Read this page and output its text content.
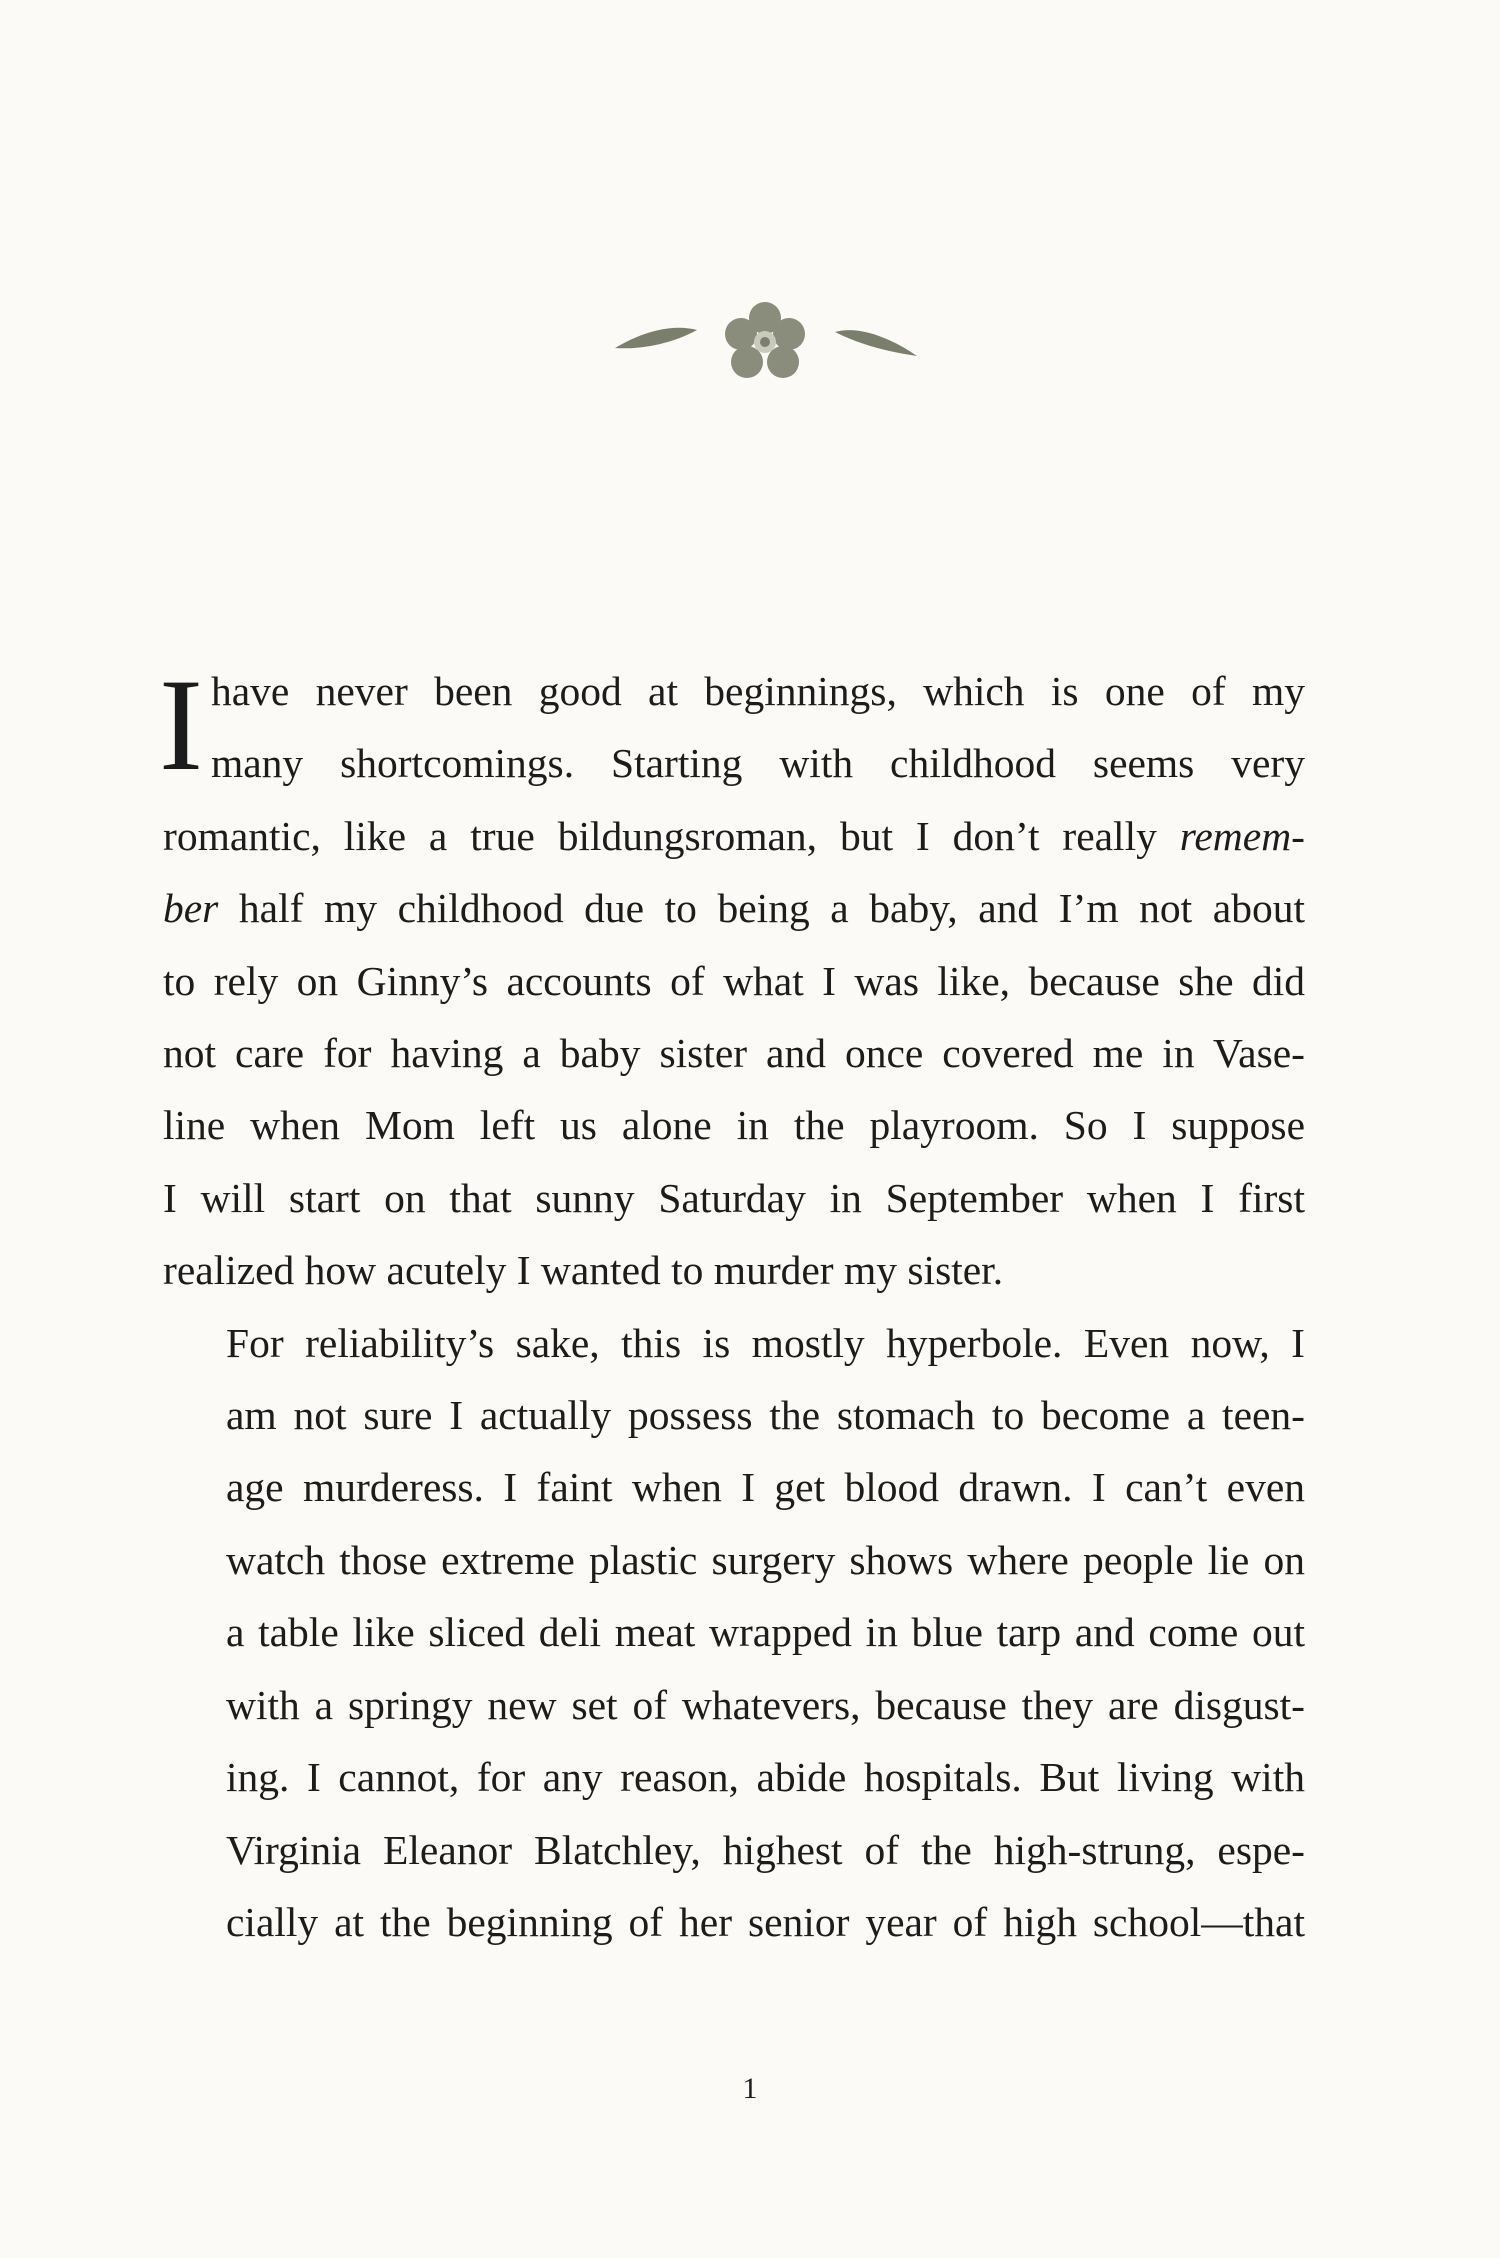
I have never been good at beginnings, which is one of my
many shortcomings. Starting with childhood seems very
romantic, like a true bildungsroman, but I don’t really remem-
ber half my childhood due to being a baby, and I’m not about
to rely on Ginny’s accounts of what I was like, because she did
not care for having a baby sister and once covered me in Vase-
line when Mom left us alone in the playroom. So I suppose
I will start on that sunny Saturday in September when I first
realized how acutely I wanted to murder my sister.

For reliability’s sake, this is mostly hyperbole. Even now, I
am not sure I actually possess the stomach to become a teen-
age murderess. I faint when I get blood drawn. I can’t even
watch those extreme plastic surgery shows where people lie on
a table like sliced deli meat wrapped in blue tarp and come out
with a springy new set of whatevers, because they are disgust-
ing. I cannot, for any reason, abide hospitals. But living with
Virginia Eleanor Blatchley, highest of the high-strung, espe-
cially at the beginning of her senior year of high school—that

1
